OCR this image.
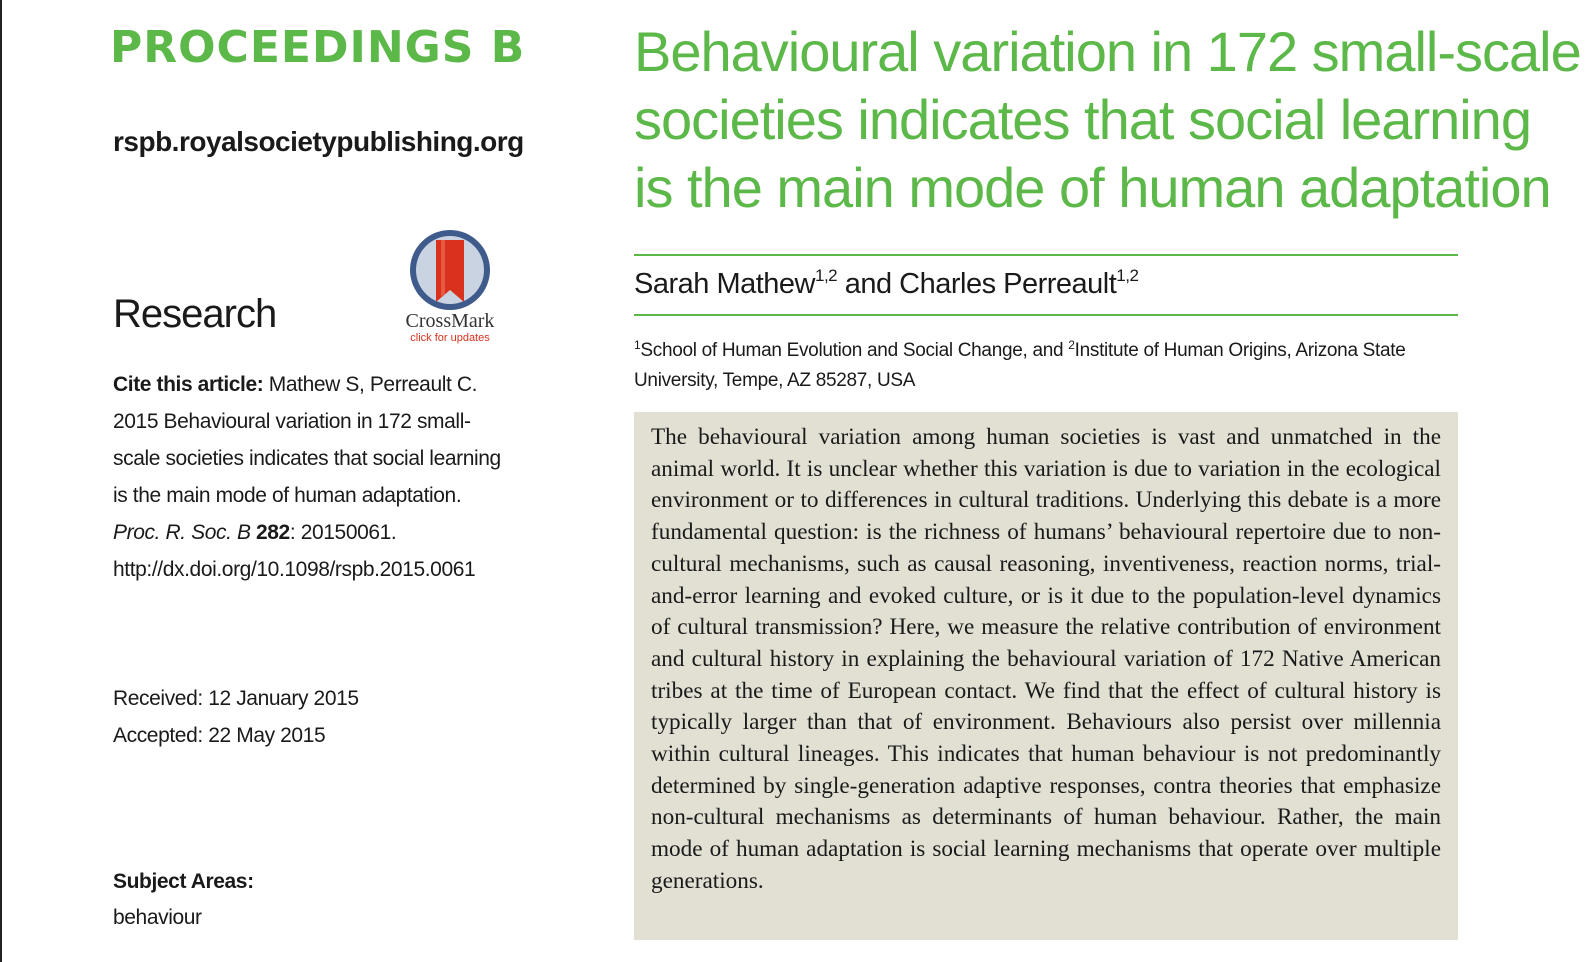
PROCEEDINGS B
rspb.royalsocietypublishing.org
CrossMark
click for updates
Research
Cite this article: Mathew S, Perreault C. 2015 Behavioural variation in 172 small-scale societies indicates that social learning is the main mode of human adaptation. Proc. R. Soc. B 282: 20150061.
http://dx.doi.org/10.1098/rspb.2015.0061
Received: 12 January 2015
Accepted: 22 May 2015
Subject Areas:
behaviour
Behavioural variation in 172 small-scale
societies indicates that social learning
is the main mode of human adaptation
Sarah Mathew$^{1,2}$ and Charles Perreault$^{1,2}$
$^1$School of Human Evolution and Social Change, and $^2$Institute of Human Origins, Arizona State University, Tempe, AZ 85287, USA
The behavioural variation among human societies is vast and unmatched in the animal world. It is unclear whether this variation is due to variation in the ecological environment or to differences in cultural traditions. Underlying this debate is a more fundamental question: is the richness of humans’ behavioural repertoire due to non-cultural mechanisms, such as causal reasoning, inventiveness, reaction norms, trial-and-error learning and evoked culture, or is it due to the population-level dynamics of cultural transmission? Here, we measure the relative contribution of environment and cultural history in explaining the behavioural variation of 172 Native American tribes at the time of European contact. We find that the effect of cultural history is typically larger than that of environment. Behaviours also persist over millennia within cultural lineages. This indicates that human behaviour is not predominantly determined by single-generation adaptive responses, contra theories that emphasize non-cultural mechanisms as determinants of human behaviour. Rather, the main mode of human adaptation is social learning mechanisms that operate over multiple generations.
